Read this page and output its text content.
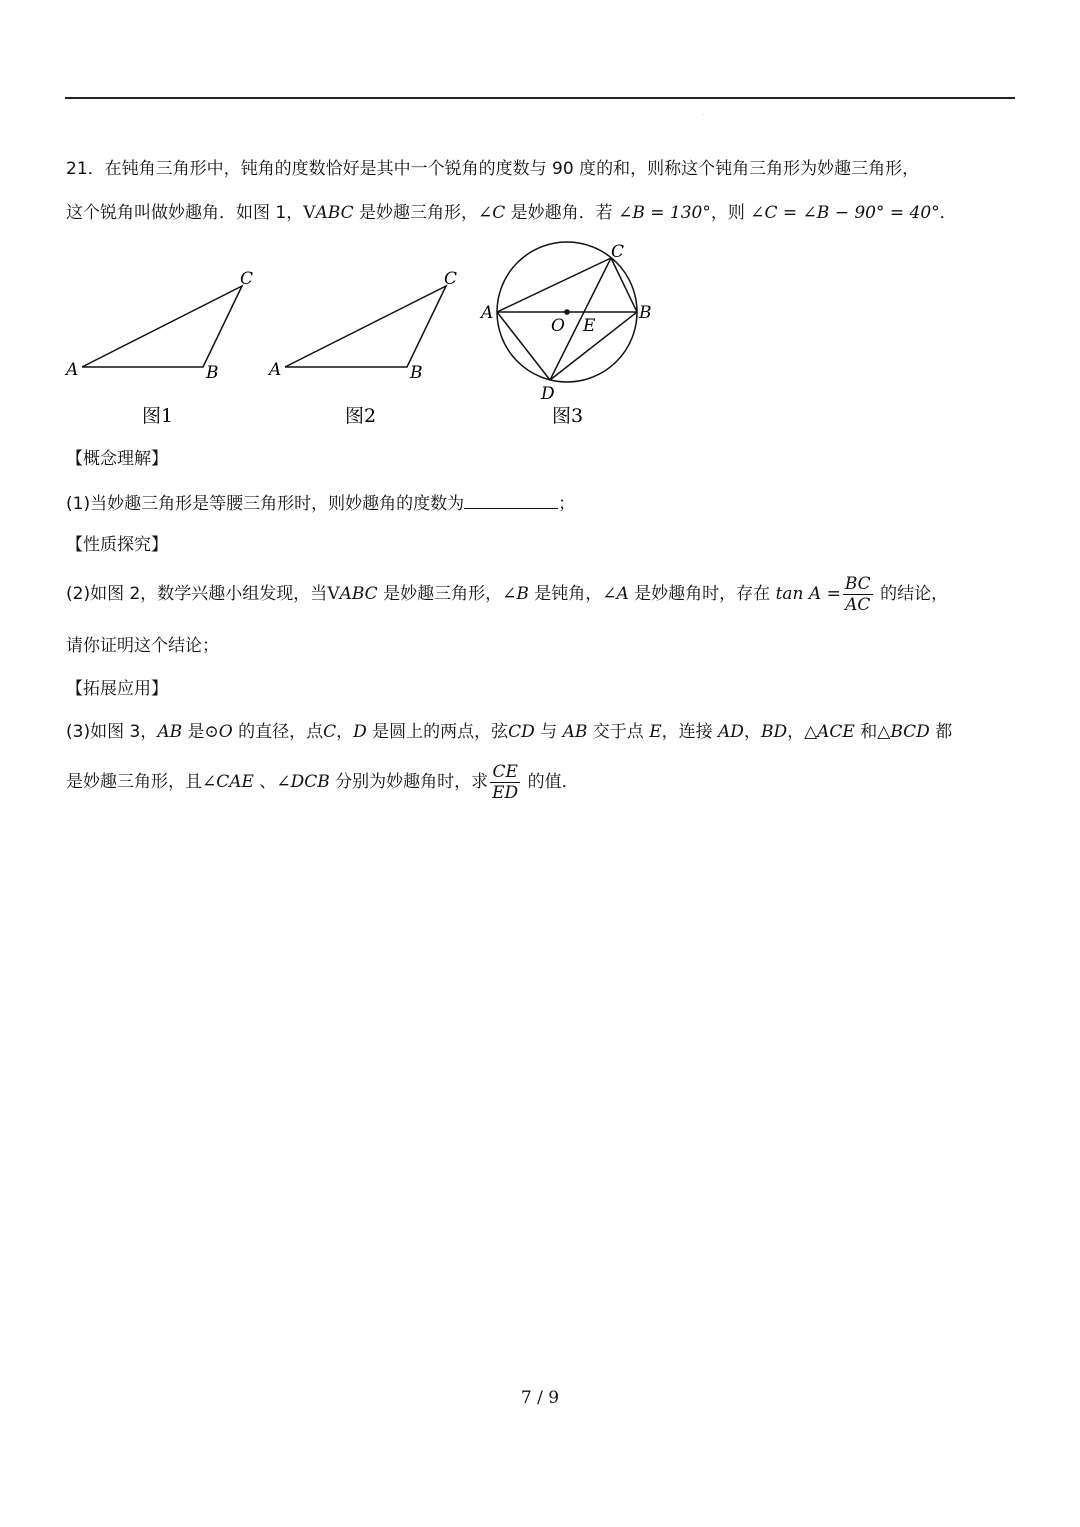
·
21．在钝角三角形中，钝角的度数恰好是其中一个锐角的度数与 90 度的和，则称这个钝角三角形为妙趣三角形，
这个锐角叫做妙趣角．如图 1，VABC 是妙趣三角形，∠C 是妙趣角．若 ∠B = 130°，则 ∠C = ∠B − 90° = 40°．
A	B
C
图1
A	B
C
图2
A	B
C
D
O E
图3
【概念理解】
(1)当妙趣三角形是等腰三角形时，则妙趣角的度数为	；
【性质探究】
(2)如图 2，数学兴趣小组发现，当VABC 是妙趣三角形，∠B 是钝角，∠A 是妙趣角时，存在 $\tan A = \frac{BC}{AC}$ 的结论，
请你证明这个结论；
【拓展应用】
(3)如图 3，AB 是⊙O 的直径，点C，D 是圆上的两点，弦CD 与 AB 交于点 E，连接 AD，BD，△ACE 和△BCD 都
是妙趣三角形，且∠CAE 、∠DCB 分别为妙趣角时，求 $\frac{CE}{ED}$ 的值．
7 / 9
